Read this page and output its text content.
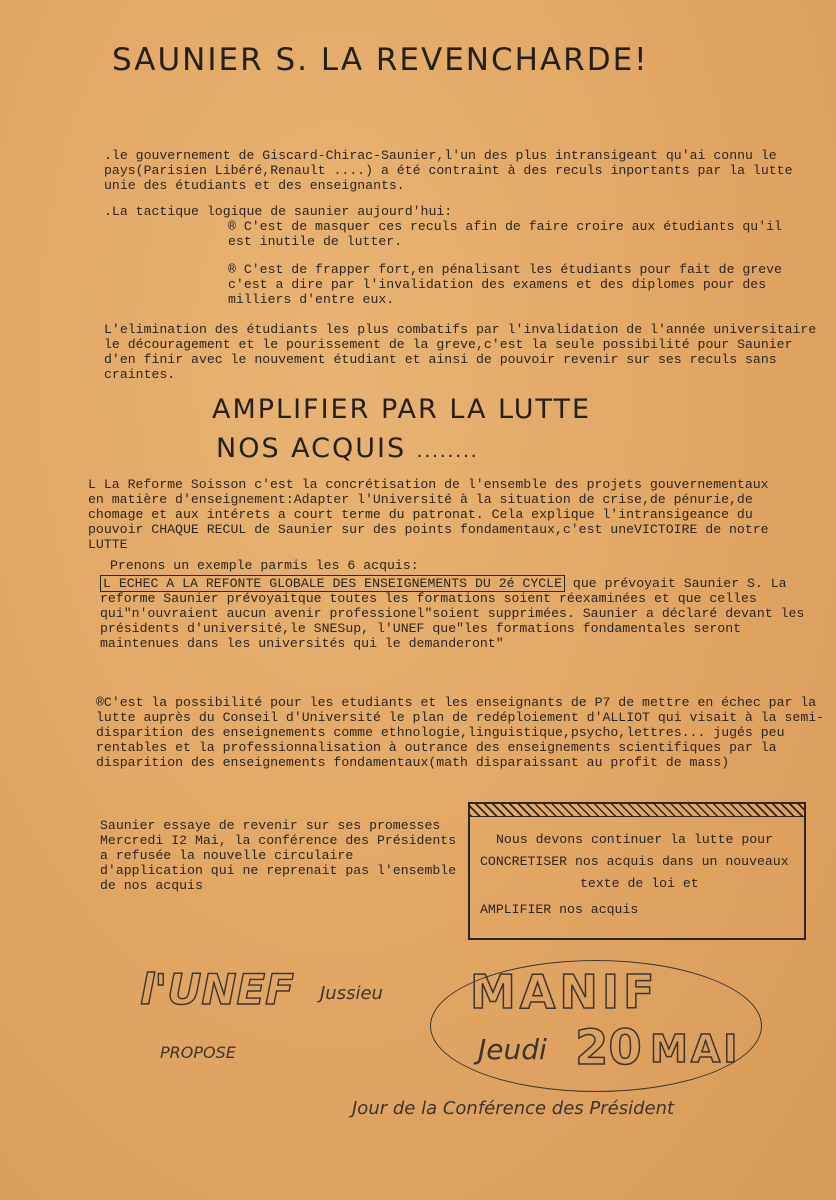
SAUNIER S. LA REVENCHARDE!
.le gouvernement de Giscard-Chirac-Saunier,l'un des plus intransigeant qu'ai connu le pays(Parisien Libéré,Renault ....) a été contraint à des reculs inportants par la lutte unie des étudiants et des enseignants.
.La tactique logique de saunier aujourd'hui:
® C'est de masquer ces reculs afin de faire croire aux étudiants qu'il est inutile de lutter.
® C'est de frapper fort,en pénalisant les étudiants pour fait de greve c'est a dire par l'invalidation des examens et des diplomes pour des milliers d'entre eux.
L'elimination des étudiants les plus combatifs par l'invalidation de l'année universitaire le découragement et le pourissement de la greve,c'est la seule possibilité pour Saunier d'en finir avec le nouvement étudiant et ainsi de pouvoir revenir sur ses reculs sans craintes.
AMPLIFIER PAR LA LUTTE
NOS ACQUIS ........
L La Reforme Soisson c'est la concrétisation de l'ensemble des projets gouvernementaux en matière d'enseignement:Adapter l'Université à la situation de crise,de pénurie,de chomage et aux intérets a court terme du patronat. Cela explique l'intransigeance du pouvoir CHAQUE RECUL de Saunier sur des points fondamentaux,c'est uneVICTOIRE de notre LUTTE
Prenons un exemple parmis les 6 acquis:
L ECHEC A LA REFONTE GLOBALE DES ENSEIGNEMENTS DU 2é CYCLE que prévoyait Saunier S. La reforme Saunier prévoyaitque toutes les formations soient réexaminées et que celles qui"n'ouvraient aucun avenir professionel"soient supprimées. Saunier a déclaré devant les présidents d'université,le SNESup, l'UNEF que"les formations fondamentales seront maintenues dans les universités qui le demanderont"
®C'est la possibilité pour les etudiants et les enseignants de P7 de mettre en échec par la lutte auprès du Conseil d'Université le plan de redéploiement d'ALLIOT qui visait à la semi-disparition des enseignements comme ethnologie,linguistique,psycho,lettres... jugés peu rentables et la professionnalisation à outrance des enseignements scientifiques par la disparition des enseignements fondamentaux(math disparaissant au profit de mass)
Saunier essaye de revenir sur ses promesses Mercredi I2 Mai, la conférence des Présidents a refusée la nouvelle circulaire d'application qui ne reprenait pas l'ensemble de nos acquis
Nous devons continuer la lutte pour
CONCRETISER nos acquis dans un nouveaux
texte de loi et
AMPLIFIER nos acquis
l'UNEF Jussieu
PROPOSE
MANIF
Jeudi 20 MAI
Jour de la Conférence des Président
